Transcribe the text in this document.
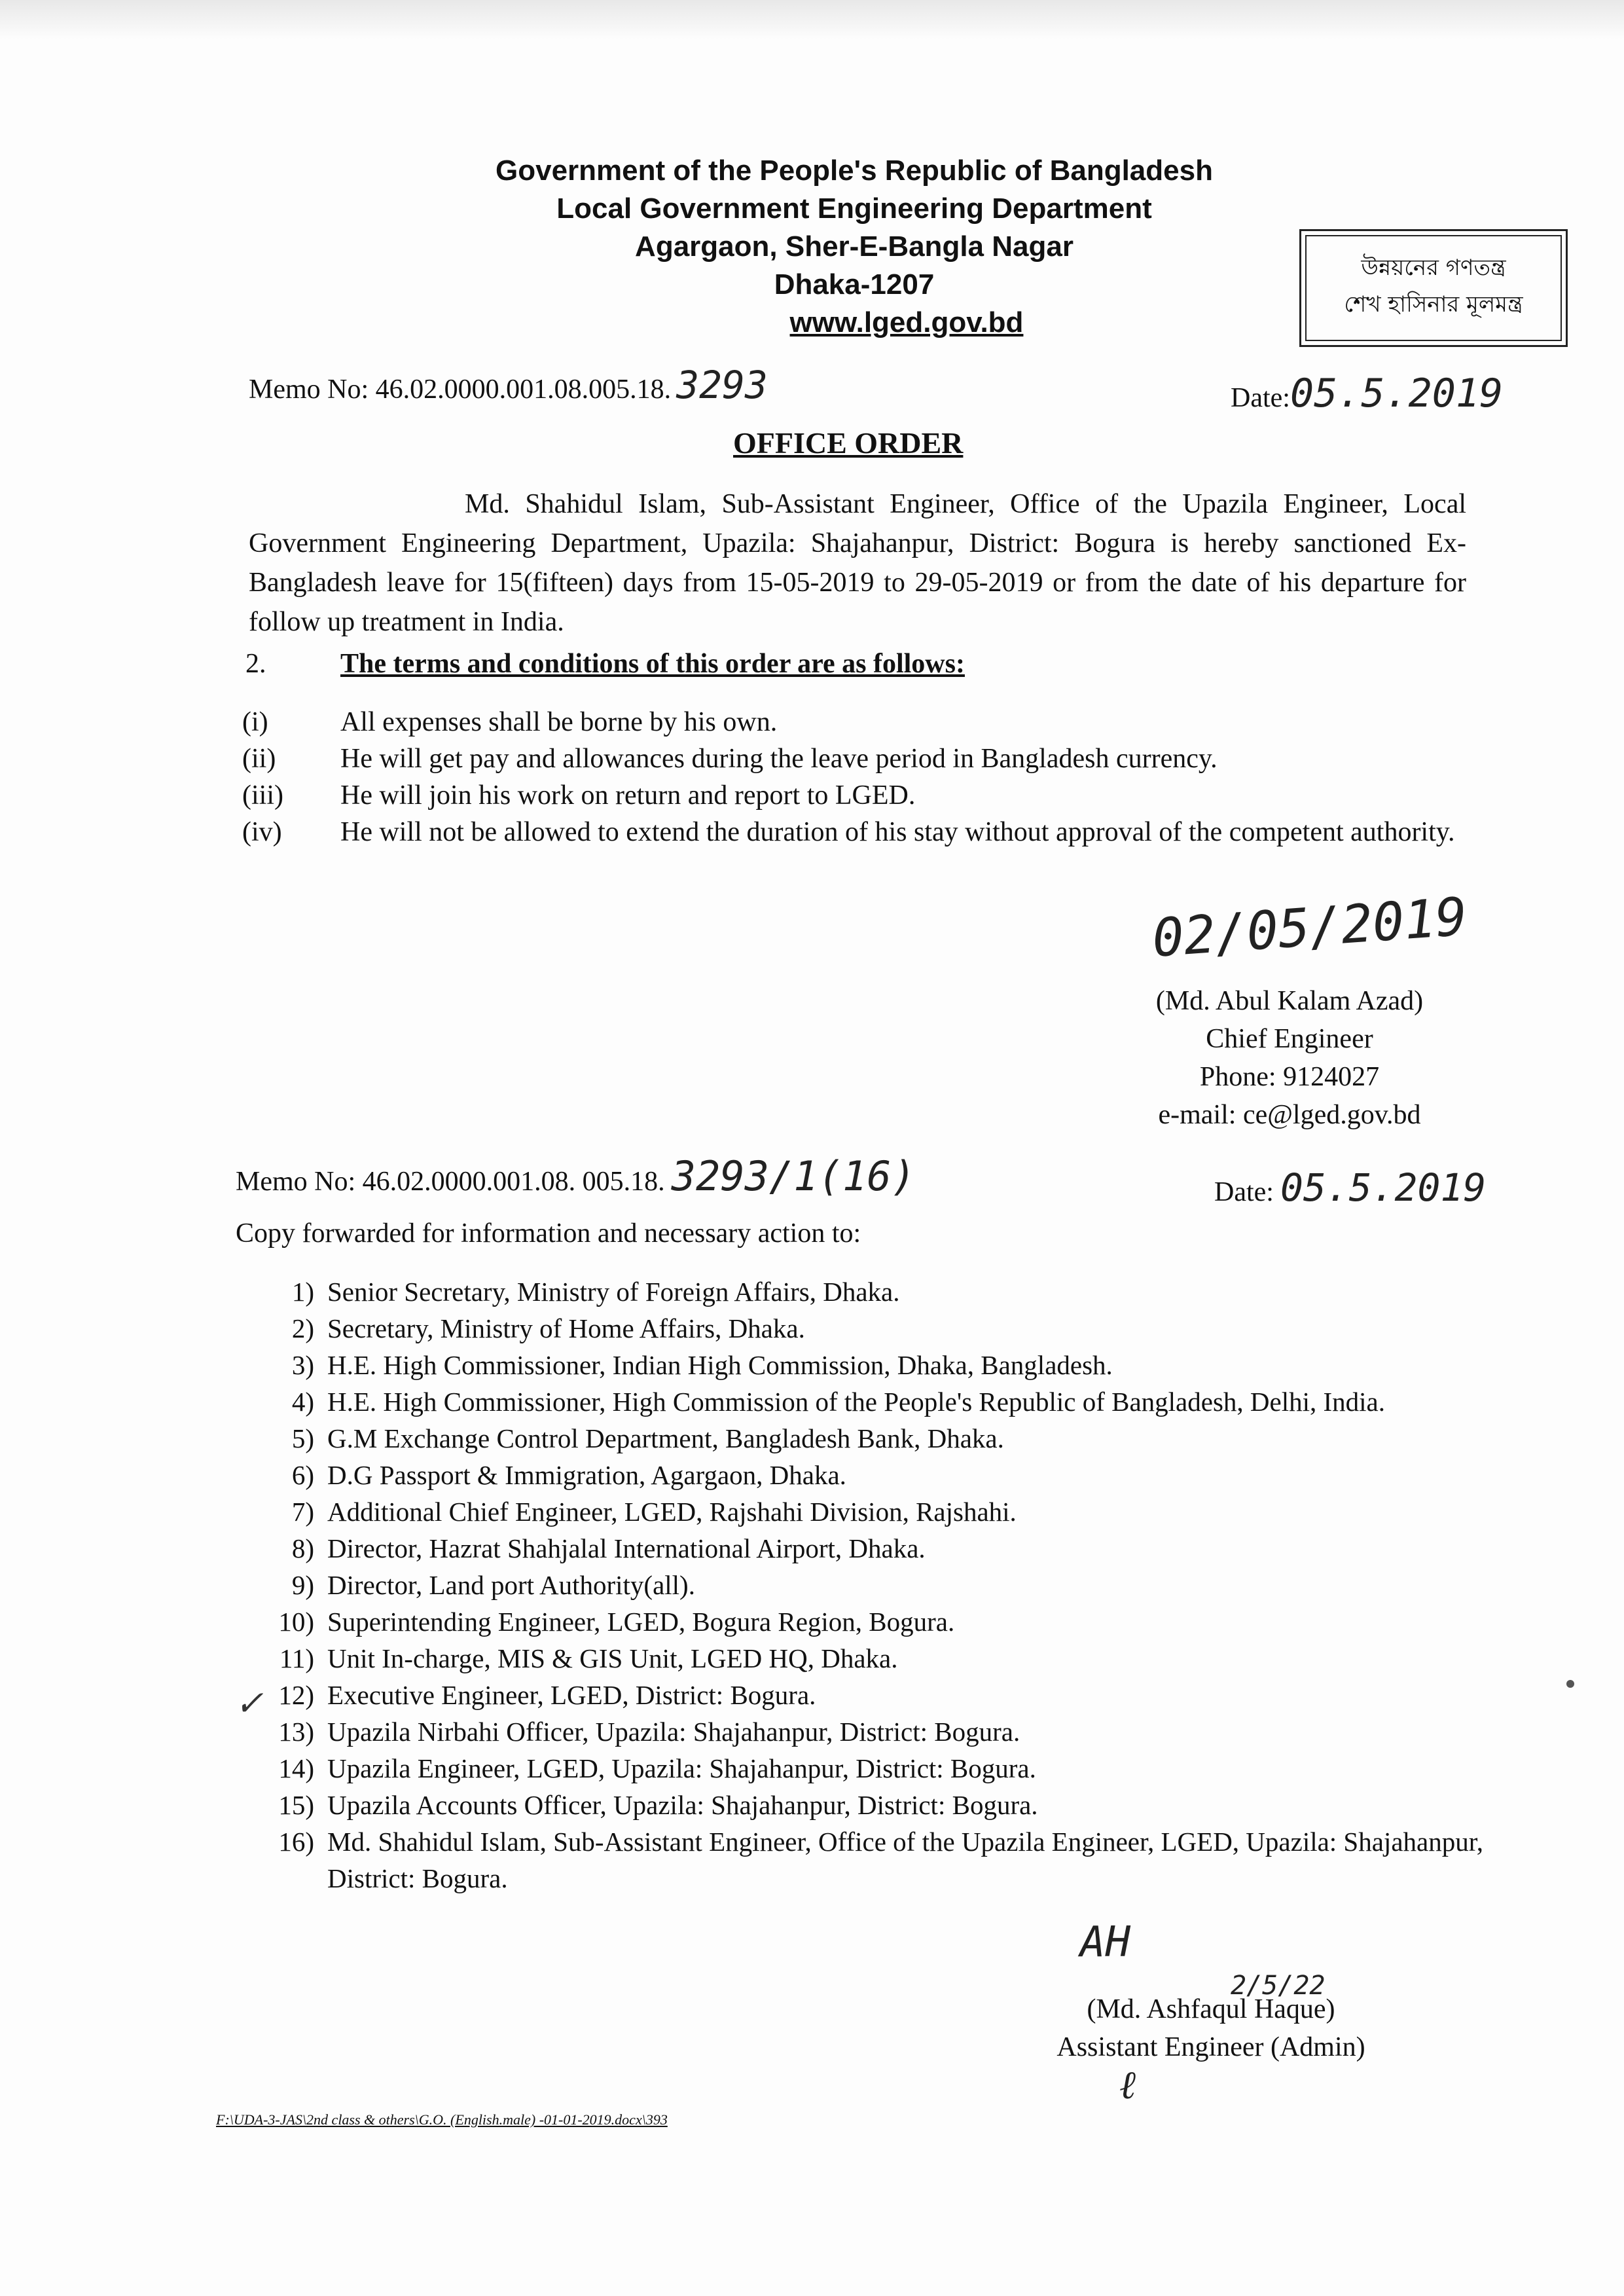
Government of the People's Republic of Bangladesh
Local Government Engineering Department
Agargaon, Sher-E-Bangla Nagar
Dhaka-1207
www.lged.gov.bd
উন্নয়নের গণতন্ত্র
শেখ হাসিনার মূলমন্ত্র
Memo No: 46.02.0000.001.08.005.18. 3293	Date:05.5.2019
OFFICE ORDER
Md. Shahidul Islam, Sub-Assistant Engineer, Office of the Upazila Engineer, Local Government Engineering Department, Upazila: Shajahanpur, District: Bogura is hereby sanctioned Ex-Bangladesh leave for 15(fifteen) days from 15-05-2019 to 29-05-2019 or from the date of his departure for follow up treatment in India.
2.	The terms and conditions of this order are as follows:
(i)	All expenses shall be borne by his own.
(ii) He will get pay and allowances during the leave period in Bangladesh currency.
(iii) He will join his work on return and report to LGED.
(iv) He will not be allowed to extend the duration of his stay without approval of the competent authority.
02/05/2019
(Md. Abul Kalam Azad)
Chief Engineer
Phone: 9124027
e-mail: ce@lged.gov.bd
Memo No: 46.02.0000.001.08. 005.18. 3293/1(16)	Date: 05.5.2019
Copy forwarded for information and necessary action to:
1) Senior Secretary, Ministry of Foreign Affairs, Dhaka.
2) Secretary, Ministry of Home Affairs, Dhaka.
3) H.E. High Commissioner, Indian High Commission, Dhaka, Bangladesh.
4) H.E. High Commissioner, High Commission of the People's Republic of Bangladesh, Delhi, India.
5) G.M Exchange Control Department, Bangladesh Bank, Dhaka.
6) D.G Passport & Immigration, Agargaon, Dhaka.
7) Additional Chief Engineer, LGED, Rajshahi Division, Rajshahi.
8) Director, Hazrat Shahjalal International Airport, Dhaka.
9) Director, Land port Authority(all).
10) Superintending Engineer, LGED, Bogura Region, Bogura.
11) Unit In-charge, MIS & GIS Unit, LGED HQ, Dhaka.
12) Executive Engineer, LGED, District: Bogura.
13) Upazila Nirbahi Officer, Upazila: Shajahanpur, District: Bogura.
14) Upazila Engineer, LGED, Upazila: Shajahanpur, District: Bogura.
15) Upazila Accounts Officer, Upazila: Shajahanpur, District: Bogura.
16) Md. Shahidul Islam, Sub-Assistant Engineer, Office of the Upazila Engineer, LGED, Upazila: Shajahanpur, District: Bogura.
✓
AH
2/5/22
(Md. Ashfaqul Haque)
Assistant Engineer (Admin)
ℓ
F:\UDA-3-JAS\2nd class & others\G.O. (English.male) -01-01-2019.docx\393
